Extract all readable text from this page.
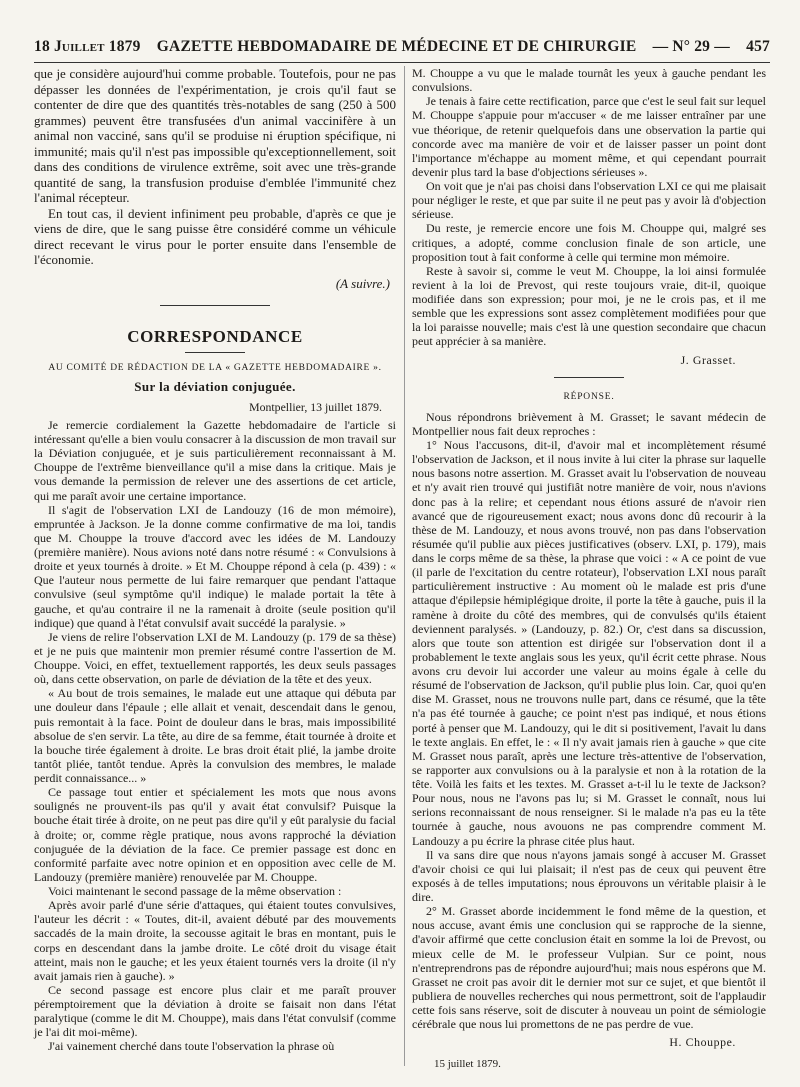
18 Juillet 1879 GAZETTE HEBDOMADAIRE DE MÉDECINE ET DE CHIRURGIE — N° 29 — 457

que je considère aujourd'hui comme probable. Toutefois, pour ne pas dépasser les données de l'expérimentation, je crois qu'il faut se contenter de dire que des quantités très-notables de sang (250 à 500 grammes) peuvent être transfusées d'un animal vaccinifère à un animal non vacciné, sans qu'il se produise ni éruption spécifique, ni immunité; mais qu'il n'est pas impossible qu'exceptionnellement, soit dans des conditions de virulence extrême, soit avec une très-grande quantité de sang, la transfusion produise d'emblée l'immunité chez l'animal récepteur.

En tout cas, il devient infiniment peu probable, d'après ce que je viens de dire, que le sang puisse être considéré comme un véhicule direct recevant le virus pour le porter ensuite dans l'ensemble de l'économie.

(A suivre.)

CORRESPONDANCE
AU COMITÉ DE RÉDACTION DE LA « GAZETTE HEBDOMADAIRE ».
Sur la déviation conjuguée.

Montpellier, 13 juillet 1879.

Je remercie cordialement la Gazette hebdomadaire de l'article si intéressant qu'elle a bien voulu consacrer à la discussion de mon travail sur la Déviation conjuguée, et je suis particulièrement reconnaissant à M. Chouppe de l'extrême bienveillance qu'il a mise dans la critique. Mais je vous demande la permission de relever une des assertions de cet article, qui me paraît avoir une certaine importance.

Il s'agit de l'observation LXI de Landouzy (16 de mon mémoire), empruntée à Jackson. Je la donne comme confirmative de ma loi, tandis que M. Chouppe la trouve d'accord avec les idées de M. Landouzy (première manière). Nous avions noté dans notre résumé : « Convulsions à droite et yeux tournés à droite. » Et M. Chouppe répond à cela (p. 439) : « Que l'auteur nous permette de lui faire remarquer que pendant l'attaque convulsive (seul symptôme qu'il indique) le malade portait la tête à gauche, et qu'au contraire il ne la ramenait à droite (seule position qu'il indique) que quand à l'état convulsif avait succédé la paralysie. »

Je viens de relire l'observation LXI de M. Landouzy (p. 179 de sa thèse) et je ne puis que maintenir mon premier résumé contre l'assertion de M. Chouppe. Voici, en effet, textuellement rapportés, les deux seuls passages où, dans cette observation, on parle de déviation de la tête et des yeux.

« Au bout de trois semaines, le malade eut une attaque qui débuta par une douleur dans l'épaule ; elle allait et venait, descendait dans le genou, puis remontait à la face. Point de douleur dans le bras, mais impossibilité absolue de s'en servir. La tête, au dire de sa femme, était tournée à droite et la bouche tirée également à droite. Le bras droit était plié, la jambe droite tantôt pliée, tantôt tendue. Après la convulsion des membres, le malade perdit connaissance... »

Ce passage tout entier et spécialement les mots que nous avons soulignés ne prouvent-ils pas qu'il y avait état convulsif? Puisque la bouche était tirée à droite, on ne peut pas dire qu'il y eût paralysie du facial à droite; or, comme règle pratique, nous avons rapproché la déviation conjuguée de la déviation de la face. Ce premier passage est donc en conformité parfaite avec notre opinion et en opposition avec celle de M. Landouzy (première manière) renouvelée par M. Chouppe.

Voici maintenant le second passage de la même observation :

Après avoir parlé d'une série d'attaques, qui étaient toutes convulsives, l'auteur les décrit : « Toutes, dit-il, avaient débuté par des mouvements saccadés de la main droite, la secousse agitait le bras en montant, puis le corps en descendant dans la jambe droite. Le côté droit du visage était atteint, mais non le gauche; et les yeux étaient tournés vers la droite (il n'y avait jamais rien à gauche). »

Ce second passage est encore plus clair et me paraît prouver péremptoirement que la déviation à droite se faisait non dans l'état paralytique (comme le dit M. Chouppe), mais dans l'état convulsif (comme je l'ai dit moi-même).

J'ai vainement cherché dans toute l'observation la phrase où

M. Chouppe a vu que le malade tournât les yeux à gauche pendant les convulsions.

Je tenais à faire cette rectification, parce que c'est le seul fait sur lequel M. Chouppe s'appuie pour m'accuser « de me laisser entraîner par une vue théorique, de retenir quelquefois dans une observation la partie qui concorde avec ma manière de voir et de laisser passer un point dont l'importance m'échappe au moment même, et qui cependant pourrait devenir plus tard la base d'objections sérieuses ».

On voit que je n'ai pas choisi dans l'observation LXI ce qui me plaisait pour négliger le reste, et que par suite il ne peut pas y avoir là d'objection sérieuse.

Du reste, je remercie encore une fois M. Chouppe qui, malgré ses critiques, a adopté, comme conclusion finale de son article, une proposition tout à fait conforme à celle qui termine mon mémoire.

Reste à savoir si, comme le veut M. Chouppe, la loi ainsi formulée revient à la loi de Prevost, qui reste toujours vraie, dit-il, quoique modifiée dans son expression; pour moi, je ne le crois pas, et il me semble que les expressions sont assez complètement modifiées pour que la loi paraisse nouvelle; mais c'est là une question secondaire que chacun peut apprécier à sa manière.

J. Grasset.

RÉPONSE.

Nous répondrons brièvement à M. Grasset; le savant médecin de Montpellier nous fait deux reproches :

1° Nous l'accusons, dit-il, d'avoir mal et incomplètement résumé l'observation de Jackson, et il nous invite à lui citer la phrase sur laquelle nous basons notre assertion. M. Grasset avait lu l'observation de nouveau et n'y avait rien trouvé qui justifiât notre manière de voir, nous n'avions donc pas à la relire; et cependant nous étions assuré de n'avoir rien avancé que de rigoureusement exact; nous avons donc dû recourir à la thèse de M. Landouzy, et nous avons trouvé, non pas dans l'observation résumée qu'il publie aux pièces justificatives (observ. LXI, p. 179), mais dans le corps même de sa thèse, la phrase que voici : « A ce point de vue (il parle de l'excitation du centre rotateur), l'observation LXI nous paraît particulièrement instructive : Au moment où le malade est pris d'une attaque d'épilepsie hémiplégique droite, il porte la tête à gauche, puis il la ramène à droite du côté des membres, qui de convulsés qu'ils étaient deviennent paralysés. » (Landouzy, p. 82.) Or, c'est dans sa discussion, alors que toute son attention est dirigée sur l'observation dont il a probablement le texte anglais sous les yeux, qu'il écrit cette phrase. Nous avons cru devoir lui accorder une valeur au moins égale à celle du résumé de l'observation de Jackson, qu'il publie plus loin. Car, quoi qu'en dise M. Grasset, nous ne trouvons nulle part, dans ce résumé, que la tête n'a pas été tournée à gauche; ce point n'est pas indiqué, et nous étions porté à penser que M. Landouzy, qui le dit si positivement, l'avait lu dans le texte anglais. En effet, le : « Il n'y avait jamais rien à gauche » que cite M. Grasset nous paraît, après une lecture très-attentive de l'observation, se rapporter aux convulsions ou à la paralysie et non à la rotation de la tête. Voilà les faits et les textes. M. Grasset a-t-il lu le texte de Jackson? Pour nous, nous ne l'avons pas lu; si M. Grasset le connaît, nous lui serions reconnaissant de nous renseigner. Si le malade n'a pas eu la tête tournée à gauche, nous avouons ne pas comprendre comment M. Landouzy a pu écrire la phrase citée plus haut.

Il va sans dire que nous n'ayons jamais songé à accuser M. Grasset d'avoir choisi ce qui lui plaisait; il n'est pas de ceux qui peuvent être exposés à de telles imputations; nous éprouvons un véritable plaisir à le dire.

2° M. Grasset aborde incidemment le fond même de la question, et nous accuse, avant émis une conclusion qui se rapproche de la sienne, d'avoir affirmé que cette conclusion était en somme la loi de Prevost, ou mieux celle de M. le professeur Vulpian. Sur ce point, nous n'entreprendrons pas de répondre aujourd'hui; mais nous espérons que M. Grasset ne croit pas avoir dit le dernier mot sur ce sujet, et que bientôt il publiera de nouvelles recherches qui nous permettront, soit de l'applaudir cette fois sans réserve, soit de discuter à nouveau un point de sémiologie cérébrale que nous lui promettons de ne pas perdre de vue.

H. Chouppe.

15 juillet 1879.
